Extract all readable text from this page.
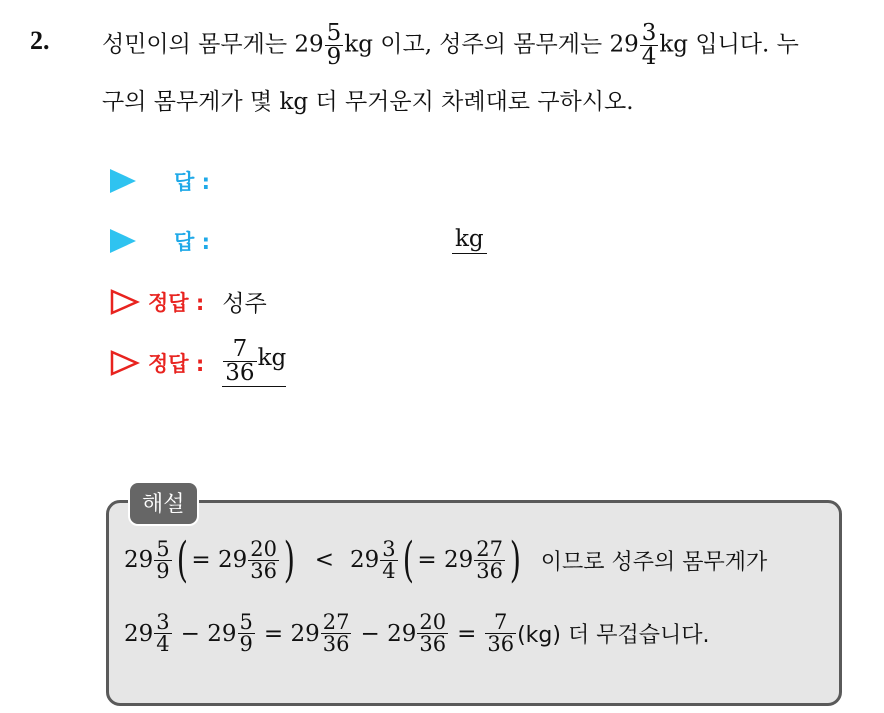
2. 성민이의 몸무게는 $29 \frac{5}{9}$ kg 이고, 성주의 몸무게는 $29 \frac{3}{4}$ kg 입니다. 누
구의 몸무게가 몇 kg 더 무거운지 차례대로 구하시오.
답 :
답 :	kg
정답 : 성주
정답 : $\frac{7}{36}$ kg
해설
$29 \frac{5}{9}$ ( = $29 \frac{20}{36}$ ) < $29 \frac{3}{4}$ ( = $29 \frac{27}{36}$ ) 이므로 성주의 몸무게가
$29 \frac{3}{4} - 29 \frac{5}{9} = 29 \frac{27}{36} - 29 \frac{20}{36} = \frac{7}{36} (kg)$ 더 무겁습니다.
